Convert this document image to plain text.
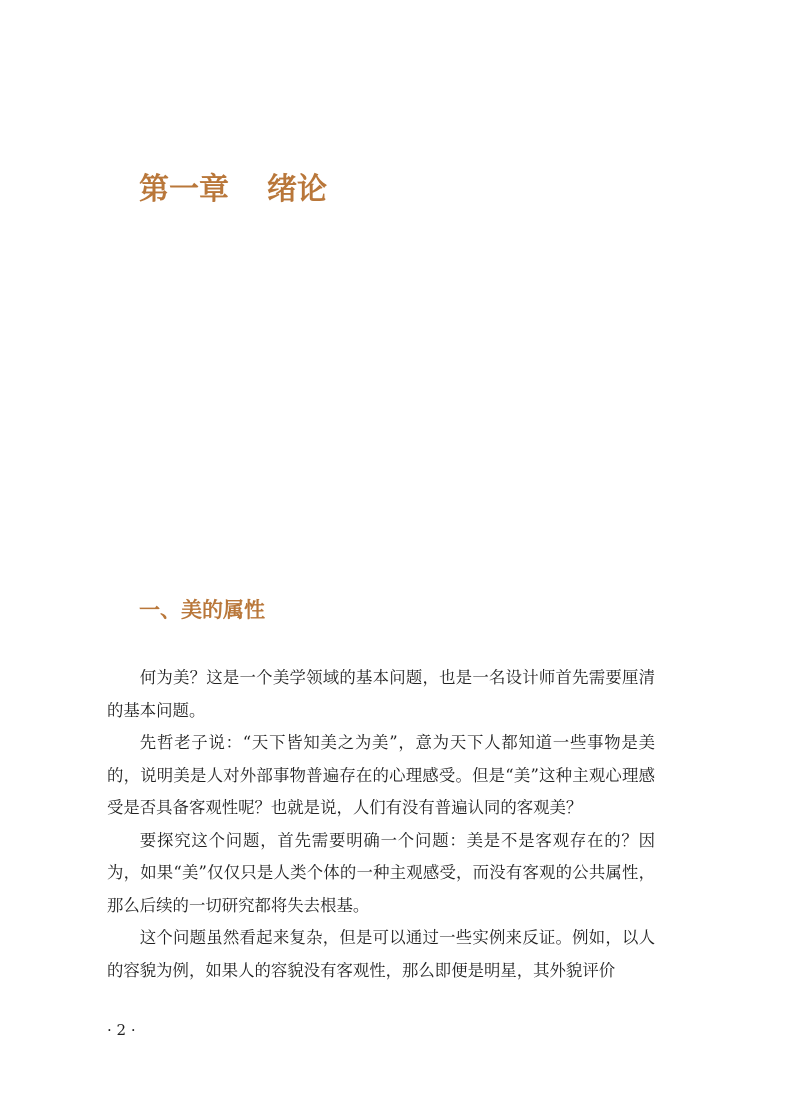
第一章 绪论
一、美的属性

何为美？这是一个美学领域的基本问题，也是一名设计师首先需要厘清的基本问题。

先哲老子说：“天下皆知美之为美”，意为天下人都知道一些事物是美的，说明美是人对外部事物普遍存在的心理感受。但是“美”这种主观心理感受是否具备客观性呢？也就是说，人们有没有普遍认同的客观美？

要探究这个问题，首先需要明确一个问题：美是不是客观存在的？因为，如果“美”仅仅只是人类个体的一种主观感受，而没有客观的公共属性，那么后续的一切研究都将失去根基。

这个问题虽然看起来复杂，但是可以通过一些实例来反证。例如，以人的容貌为例，如果人的容貌没有客观性，那么即便是明星，其外貌评价

· 2 ·
